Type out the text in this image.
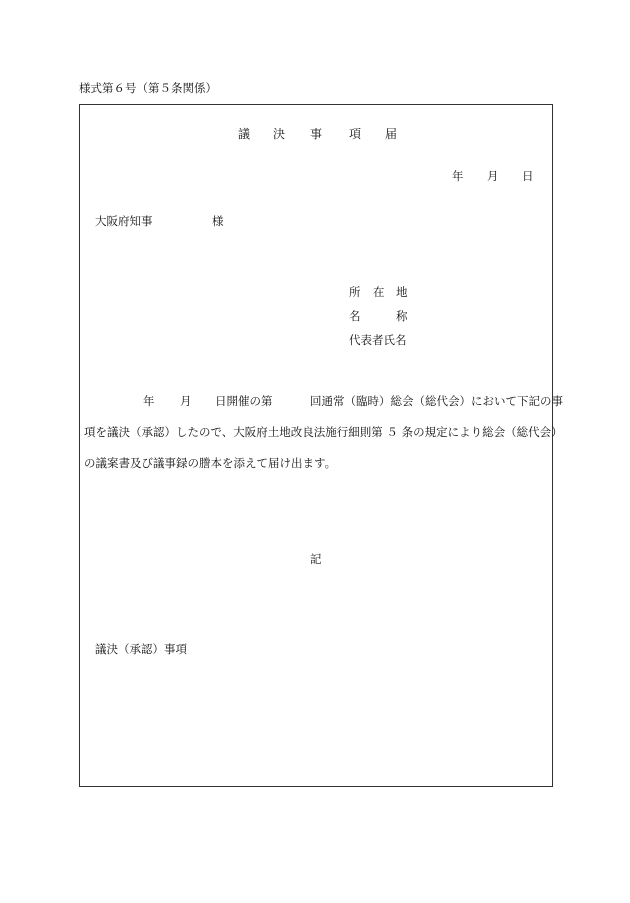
様式第６号（第５条関係）
議 決 事 項 届
年 月 日
大阪府知事	様
所 在 地
名	称
代表者氏名
年 月 日開催の第	回通常（臨時）総会（総代会）において下記の事
項を議決（承認）したので、大阪府土地改良法施行細則第 ５ 条の規定により総会（総代会）
の議案書及び議事録の謄本を添えて届け出ます。
記
議決（承認）事項
